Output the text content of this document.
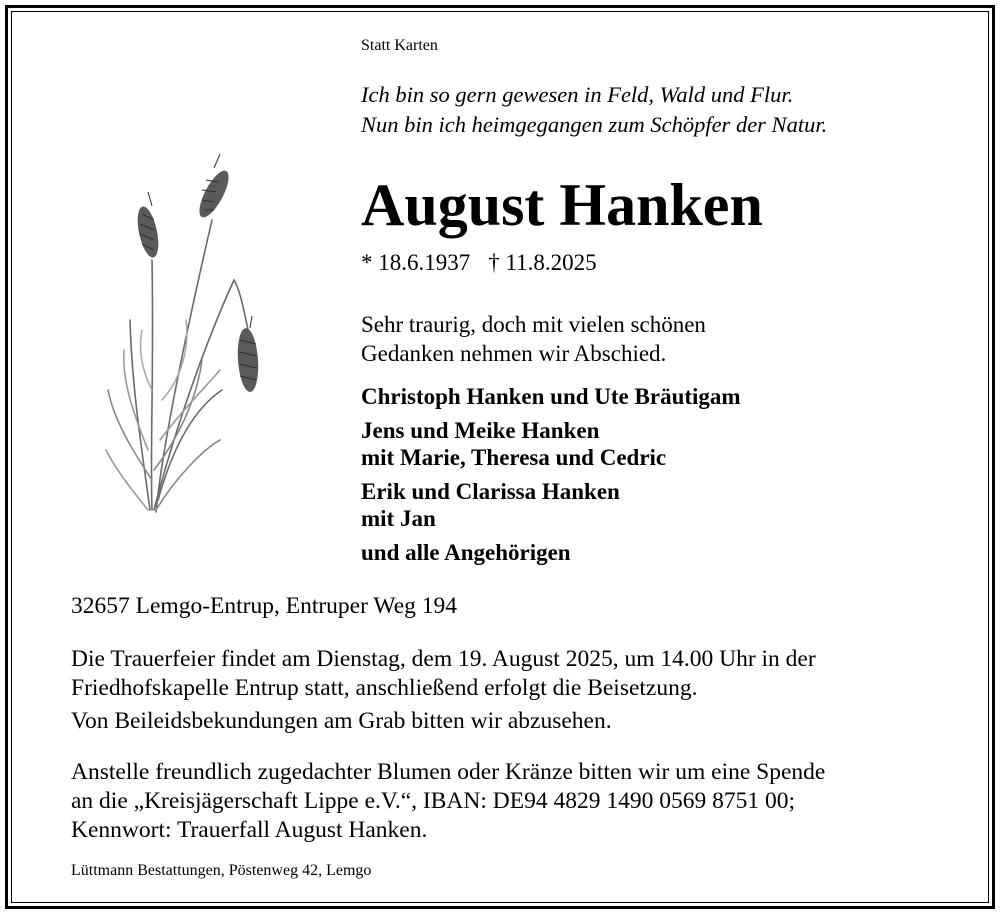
Statt Karten

Ich bin so gern gewesen in Feld, Wald und Flur.

Nun bin ich heimgegangen zum Schöpfer der Natur.

August Hanken

* 18.6.1937 † 11.8.2025

Sehr traurig, doch mit vielen schönen

Gedanken nehmen wir Abschied.

Christoph Hanken und Ute Bräutigam

Jens und Meike Hanken

mit Marie, Theresa und Cedric

Erik und Clarissa Hanken

mit Jan

und alle Angehörigen

32657 Lemgo-Entrup, Entruper Weg 194

Die Trauerfeier findet am Dienstag, dem 19. August 2025, um 14.00 Uhr in der

Friedhofskapelle Entrup statt, anschließend erfolgt die Beisetzung.

Von Beileidsbekundungen am Grab bitten wir abzusehen.

Anstelle freundlich zugedachter Blumen oder Kränze bitten wir um eine Spende

an die „Kreisjägerschaft Lippe e.V.“, IBAN: DE94 4829 1490 0569 8751 00;

Kennwort: Trauerfall August Hanken.

Lüttmann Bestattungen, Pöstenweg 42, Lemgo
